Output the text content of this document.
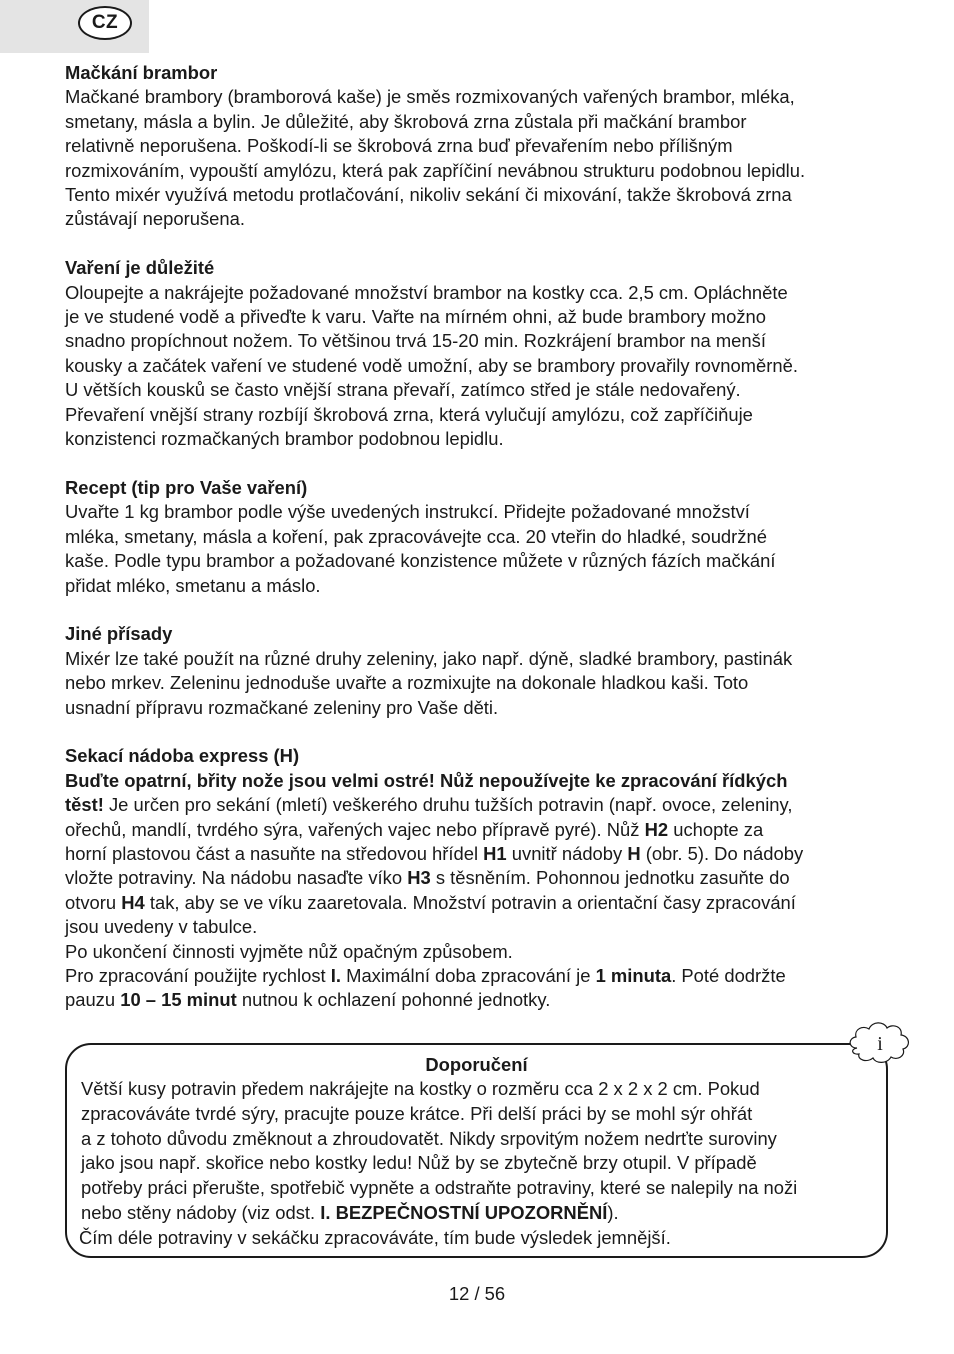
CZ

Mačkání brambor

Mačkané brambory (bramborová kaše) je směs rozmixovaných vařených brambor, mléka,

smetany, másla a bylin. Je důležité, aby škrobová zrna zůstala při mačkání brambor

relativně neporušena. Poškodí-li se škrobová zrna buď převařením nebo přílišným

rozmixováním, vypouští amylózu, která pak zapříčiní nevábnou strukturu podobnou lepidlu.

Tento mixér využívá metodu protlačování, nikoliv sekání či mixování, takže škrobová zrna

zůstávají neporušena.

Vaření je důležité

Oloupejte a nakrájejte požadované množství brambor na kostky cca. 2,5 cm. Opláchněte

je ve studené vodě a přiveďte k varu. Vařte na mírném ohni, až bude brambory možno

snadno propíchnout nožem. To většinou trvá 15-20 min. Rozkrájení brambor na menší

kousky a začátek vaření ve studené vodě umožní, aby se brambory provařily rovnoměrně.

U větších kousků se často vnější strana převaří, zatímco střed je stále nedovařený.

Převaření vnější strany rozbíjí škrobová zrna, která vylučují amylózu, což zapříčiňuje

konzistenci rozmačkaných brambor podobnou lepidlu.

Recept (tip pro Vaše vaření)

Uvařte 1 kg brambor podle výše uvedených instrukcí. Přidejte požadované množství

mléka, smetany, másla a koření, pak zpracovávejte cca. 20 vteřin do hladké, soudržné

kaše. Podle typu brambor a požadované konzistence můžete v různých fázích mačkání

přidat mléko, smetanu a máslo.

Jiné přísady

Mixér lze také použít na různé druhy zeleniny, jako např. dýně, sladké brambory, pastinák

nebo mrkev. Zeleninu jednoduše uvařte a rozmixujte na dokonale hladkou kaši. Toto

usnadní přípravu rozmačkané zeleniny pro Vaše děti.

Sekací nádoba express (H)

Buďte opatrní, břity nože jsou velmi ostré! Nůž nepoužívejte ke zpracování řídkých

těst! Je určen pro sekání (mletí) veškerého druhu tužších potravin (např. ovoce, zeleniny,

ořechů, mandlí, tvrdého sýra, vařených vajec nebo přípravě pyré). Nůž H2 uchopte za

horní plastovou část a nasuňte na středovou hřídel H1 uvnitř nádoby H (obr. 5). Do nádoby

vložte potraviny. Na nádobu nasaďte víko H3 s těsněním. Pohonnou jednotku zasuňte do

otvoru H4 tak, aby se ve víku zaaretovala. Množství potravin a orientační časy zpracování

jsou uvedeny v tabulce.

Po ukončení činnosti vyjměte nůž opačným způsobem.

Pro zpracování použijte rychlost I. Maximální doba zpracování je 1 minuta. Poté dodržte

pauzu 10 – 15 minut nutnou k ochlazení pohonné jednotky.

Doporučení

Větší kusy potravin předem nakrájejte na kostky o rozměru cca 2 x 2 x 2 cm. Pokud

zpracováváte tvrdé sýry, pracujte pouze krátce. Při delší práci by se mohl sýr ohřát

a z tohoto důvodu změknout a zhroudovatět. Nikdy srpovitým nožem nedrťte suroviny

jako jsou např. skořice nebo kostky ledu! Nůž by se zbytečně brzy otupil. V případě

potřeby práci přerušte, spotřebič vypněte a odstraňte potraviny, které se nalepily na noži

nebo stěny nádoby (viz odst. I. BEZPEČNOSTNÍ UPOZORNĚNÍ).

Čím déle potraviny v sekáčku zpracováváte, tím bude výsledek jemnější.

i
12 / 56
